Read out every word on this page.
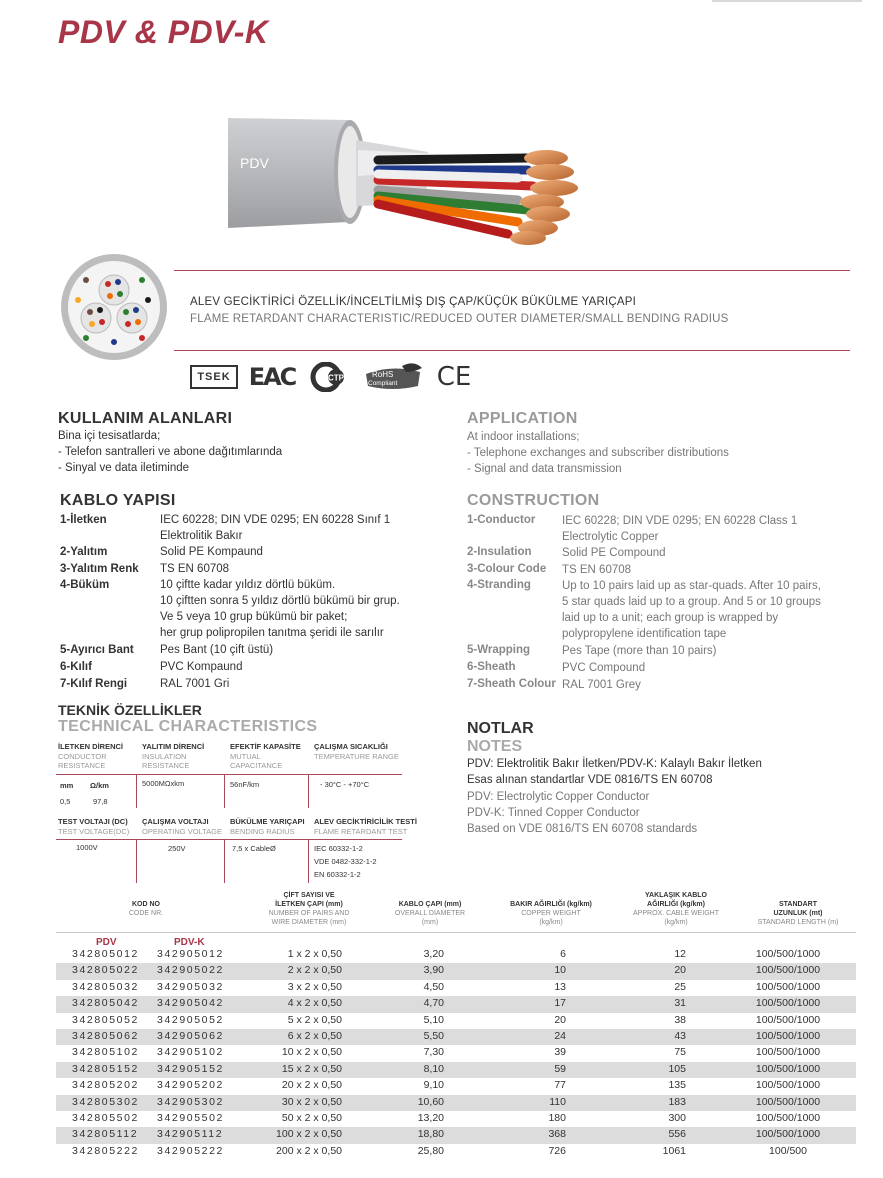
PDV & PDV-K
PDV
ALEV GECİKTİRİCİ ÖZELLİK/İNCELTİLMİŞ DIŞ ÇAP/KÜÇÜK BÜKÜLME YARIÇAPI
FLAME RETARDANT CHARACTERISTIC/REDUCED OUTER DIAMETER/SMALL BENDING RADIUS
TSEK EAC	CTP	RoHS
Compliant CE
KULLANIM ALANLARI
Bina içi tesisatlarda;
- Telefon santralleri ve abone dağıtımlarında
- Sinyal ve data iletiminde
APPLICATION
At indoor installations;
- Telephone exchanges and subscriber distributions
- Signal and data transmission
KABLO YAPISI
1-İletken	IEC 60228; DIN VDE 0295; EN 60228 Sınıf 1
Elektrolitik Bakır
2-Yalıtım	Solid PE Kompaund
3-Yalıtım Renk TS EN 60708
4-Büküm	10 çiftte kadar yıldız dörtlü büküm.
10 çiftten sonra 5 yıldız dörtlü bükümü bir grup.
Ve 5 veya 10 grup bükümü bir paket;
her grup polipropilen tanıtma şeridi ile sarılır
5-Ayırıcı Bant Pes Bant (10 çift üstü)
6-Kılıf	PVC Kompaund
7-Kılıf Rengi	RAL 7001 Gri
CONSTRUCTION
1-Conductor IEC 60228; DIN VDE 0295; EN 60228 Class 1
Electrolytic Copper
2-Insulation	Solid PE Compound
3-Colour Code TS EN 60708
4-Stranding	Up to 10 pairs laid up as star-quads. After 10 pairs,
5 star quads laid up to a group. And 5 or 10 groups
laid up to a unit; each group is wrapped by
polypropylene identification tape
5-Wrapping	Pes Tape (more than 10 pairs)
6-Sheath	PVC Compound
7-Sheath Colour RAL 7001 Grey
TEKNİK ÖZELLİKLER
TECHNICAL CHARACTERISTICS
İLETKEN DİRENCİ
CONDUCTOR
RESISTANCE
YALITIM DİRENCİ
INSULATION
RESISTANCE
EFEKTİF KAPASİTE
MUTUAL
CAPACITANCE
ÇALIŞMA SICAKLIĞI
TEMPERATURE RANGE
mm Ω/km
0,5	97,8
5000MΩxkm	56nF/km	- 30°C - +70°C
TEST VOLTAJI (DC)
TEST VOLTAGE(DC)
ÇALIŞMA VOLTAJI
OPERATING VOLTAGE
BÜKÜLME YARIÇAPI
BENDING RADIUS
ALEV GECİKTİRİCİLİK TESTİ
FLAME RETARDANT TEST
1000V	250V	7,5 x CableØ	IEC 60332-1-2
VDE 0482-332-1-2
EN 60332-1-2
NOTLAR
NOTES
PDV: Elektrolitik Bakır İletken/PDV-K: Kalaylı Bakır İletken
Esas alınan standartlar VDE 0816/TS EN 60708
PDV: Electrolytic Copper Conductor
PDV-K: Tinned Copper Conductor
Based on VDE 0816/TS EN 60708 standards
KOD NO
CODE NR.
ÇİFT SAYISI VE
İLETKEN ÇAPI (mm)
NUMBER OF PAIRS AND
WIRE DIAMETER (mm)
KABLO ÇAPI (mm)
OVERALL DIAMETER
(mm)
BAKIR AĞIRLIĞI (kg/km)
COPPER WEIGHT
(kg/km)
YAKLAŞIK KABLO
AĞIRLIĞI (kg/km)
APPROX. CABLE WEIGHT
(kg/km)
STANDART
UZUNLUK (mt)
STANDARD LENGTH (m)
PDV	PDV-K
342805012 342905012	1 x 2 x 0,50	3,20	6	12	100/500/1000
342805022 342905022	2 x 2 x 0,50	3,90	10	20	100/500/1000
342805032 342905032	3 x 2 x 0,50	4,50	13	25	100/500/1000
342805042 342905042	4 x 2 x 0,50	4,70	17	31	100/500/1000
342805052 342905052	5 x 2 x 0,50	5,10	20	38	100/500/1000
342805062 342905062	6 x 2 x 0,50	5,50	24	43	100/500/1000
342805102 342905102	10 x 2 x 0,50	7,30	39	75	100/500/1000
342805152 342905152	15 x 2 x 0,50	8,10	59	105	100/500/1000
342805202 342905202	20 x 2 x 0,50	9,10	77	135	100/500/1000
342805302 342905302	30 x 2 x 0,50	10,60	110	183	100/500/1000
342805502 342905502	50 x 2 x 0,50	13,20	180	300	100/500/1000
342805112 342905112	100 x 2 x 0,50	18,80	368	556	100/500/1000
342805222 342905222	200 x 2 x 0,50	25,80	726	1061	100/500
